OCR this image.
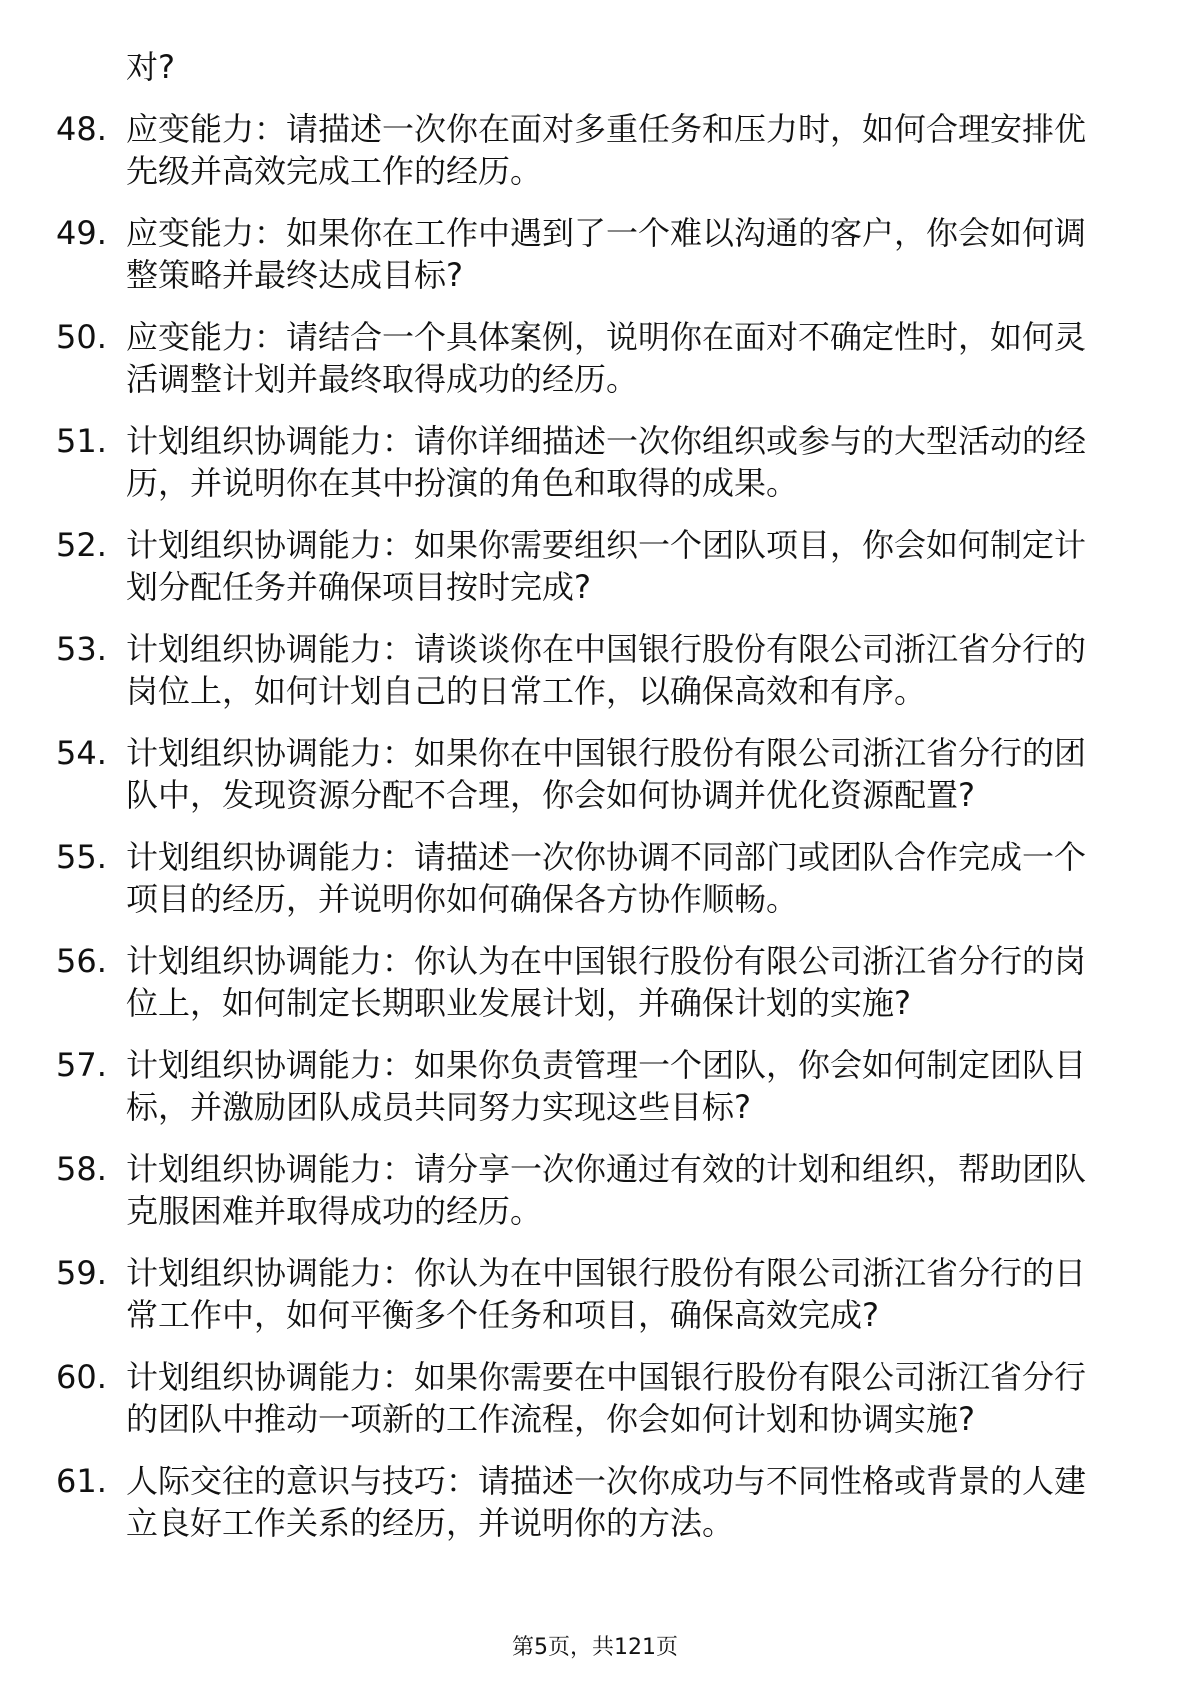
对?
48. 应变能力：请描述一次你在面对多重任务和压力时，如何合理安排优先级并高效完成工作的经历。
49. 应变能力：如果你在工作中遇到了一个难以沟通的客户，你会如何调整策略并最终达成目标?
50. 应变能力：请结合一个具体案例，说明你在面对不确定性时，如何灵活调整计划并最终取得成功的经历。
51. 计划组织协调能力：请你详细描述一次你组织或参与的大型活动的经历，并说明你在其中扮演的角色和取得的成果。
52. 计划组织协调能力：如果你需要组织一个团队项目，你会如何制定计划分配任务并确保项目按时完成?
53. 计划组织协调能力：请谈谈你在中国银行股份有限公司浙江省分行的岗位上，如何计划自己的日常工作，以确保高效和有序。
54. 计划组织协调能力：如果你在中国银行股份有限公司浙江省分行的团队中，发现资源分配不合理，你会如何协调并优化资源配置?
55. 计划组织协调能力：请描述一次你协调不同部门或团队合作完成一个项目的经历，并说明你如何确保各方协作顺畅。
56. 计划组织协调能力：你认为在中国银行股份有限公司浙江省分行的岗位上，如何制定长期职业发展计划，并确保计划的实施?
57. 计划组织协调能力：如果你负责管理一个团队，你会如何制定团队目标，并激励团队成员共同努力实现这些目标?
58. 计划组织协调能力：请分享一次你通过有效的计划和组织，帮助团队克服困难并取得成功的经历。
59. 计划组织协调能力：你认为在中国银行股份有限公司浙江省分行的日常工作中，如何平衡多个任务和项目，确保高效完成?
60. 计划组织协调能力：如果你需要在中国银行股份有限公司浙江省分行的团队中推动一项新的工作流程，你会如何计划和协调实施?
61. 人际交往的意识与技巧：请描述一次你成功与不同性格或背景的人建立良好工作关系的经历，并说明你的方法。
第5页，共121页
